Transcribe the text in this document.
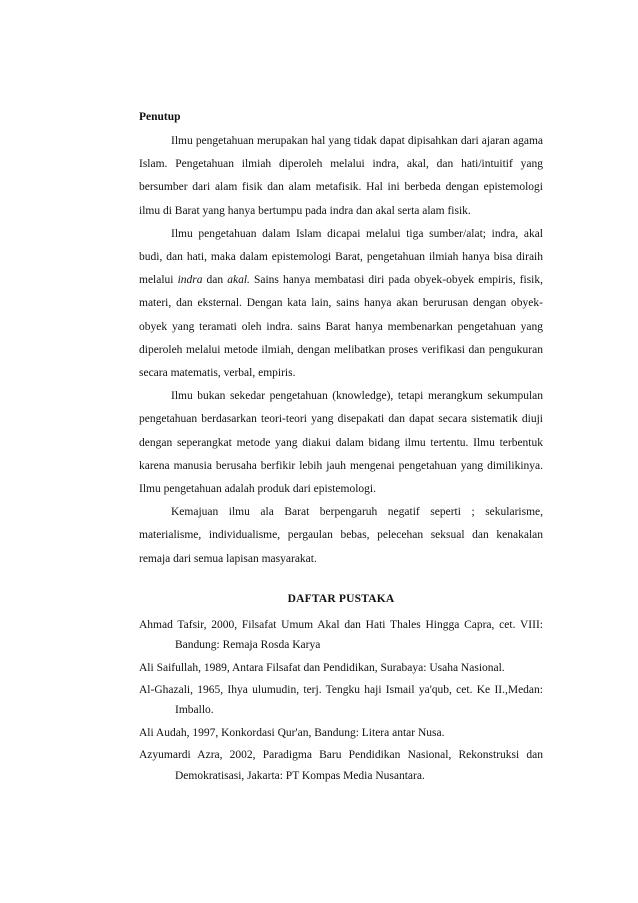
Penutup

Ilmu pengetahuan merupakan hal yang tidak dapat dipisahkan dari ajaran agama Islam. Pengetahuan ilmiah diperoleh melalui indra, akal, dan hati/intuitif yang bersumber dari alam fisik dan alam metafisik. Hal ini berbeda dengan epistemologi ilmu di Barat yang hanya bertumpu pada indra dan akal serta alam fisik.

Ilmu pengetahuan dalam Islam dicapai melalui tiga sumber/alat; indra, akal budi, dan hati, maka dalam epistemologi Barat, pengetahuan ilmiah hanya bisa diraih melalui indra dan akal. Sains hanya membatasi diri pada obyek-obyek empiris, fisik, materi, dan eksternal. Dengan kata lain, sains hanya akan berurusan dengan obyek-obyek yang teramati oleh indra. sains Barat hanya membenarkan pengetahuan yang diperoleh melalui metode ilmiah, dengan melibatkan proses verifikasi dan pengukuran secara matematis, verbal, empiris.

Ilmu bukan sekedar pengetahuan (knowledge), tetapi merangkum sekumpulan pengetahuan berdasarkan teori-teori yang disepakati dan dapat secara sistematik diuji dengan seperangkat metode yang diakui dalam bidang ilmu tertentu. Ilmu terbentuk karena manusia berusaha berfikir lebih jauh mengenai pengetahuan yang dimilikinya. Ilmu pengetahuan adalah produk dari epistemologi.

Kemajuan ilmu ala Barat berpengaruh negatif seperti ; sekularisme, materialisme, individualisme, pergaulan bebas, pelecehan seksual dan kenakalan remaja dari semua lapisan masyarakat.

DAFTAR PUSTAKA
Ahmad Tafsir, 2000, Filsafat Umum Akal dan Hati Thales Hingga Capra, cet. VIII: Bandung: Remaja Rosda Karya
Ali Saifullah, 1989, Antara Filsafat dan Pendidikan, Surabaya: Usaha Nasional.
Al-Ghazali, 1965, Ihya ulumudin, terj. Tengku haji Ismail ya'qub, cet. Ke II.,Medan: Imballo.
Ali Audah, 1997, Konkordasi Qur'an, Bandung: Litera antar Nusa.
Azyumardi Azra, 2002, Paradigma Baru Pendidikan Nasional, Rekonstruksi dan Demokratisasi, Jakarta: PT Kompas Media Nusantara.
